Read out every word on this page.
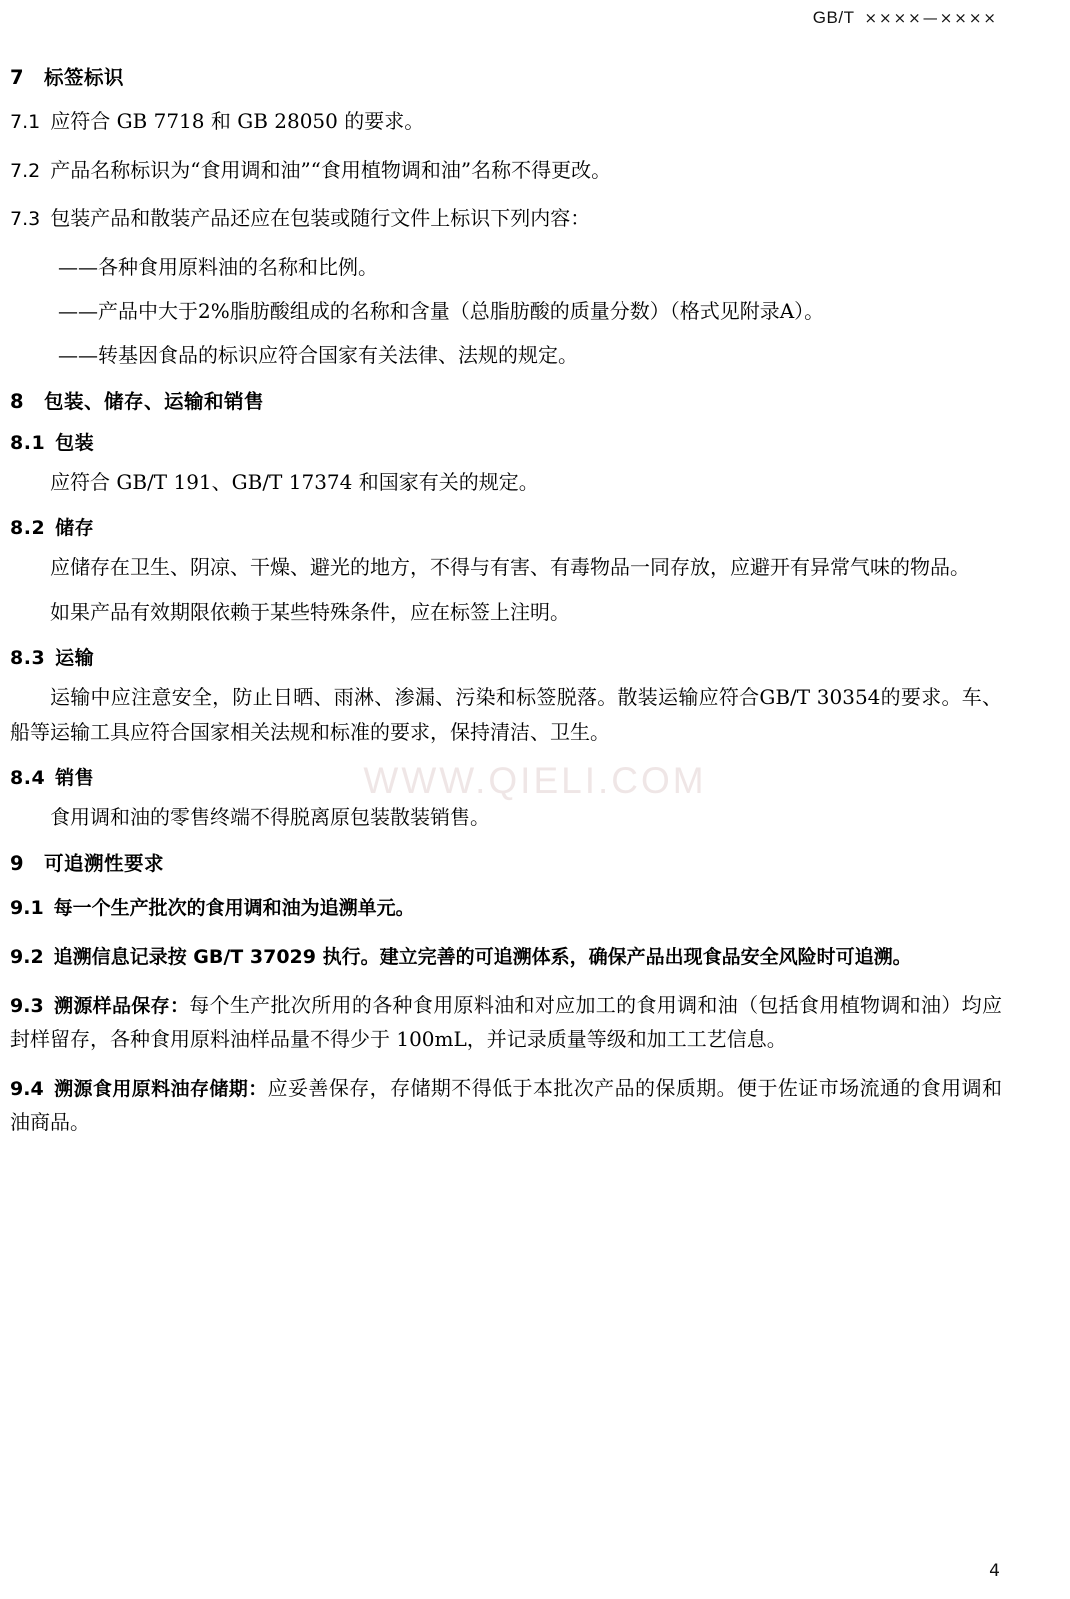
GB/T ××××—××××
WWW.QIELI.COM
7 标签标识
7.1 应符合 GB 7718 和 GB 28050 的要求。
7.2 产品名称标识为“食用调和油”“食用植物调和油”名称不得更改。
7.3 包装产品和散装产品还应在包装或随行文件上标识下列内容：
——各种食用原料油的名称和比例。
——产品中大于2%脂肪酸组成的名称和含量（总脂肪酸的质量分数）（格式见附录A）。
——转基因食品的标识应符合国家有关法律、法规的规定。
8 包装、储存、运输和销售
8.1 包装
应符合 GB/T 191、GB/T 17374 和国家有关的规定。
8.2 储存
应储存在卫生、阴凉、干燥、避光的地方，不得与有害、有毒物品一同存放，应避开有异常气味的物品。
如果产品有效期限依赖于某些特殊条件，应在标签上注明。
8.3 运输
运输中应注意安全，防止日晒、雨淋、渗漏、污染和标签脱落。散装运输应符合GB/T 30354的要求。车、船等运输工具应符合国家相关法规和标准的要求，保持清洁、卫生。
8.4 销售
食用调和油的零售终端不得脱离原包装散装销售。
9 可追溯性要求
9.1 每一个生产批次的食用调和油为追溯单元。
9.2 追溯信息记录按 GB/T 37029 执行。建立完善的可追溯体系，确保产品出现食品安全风险时可追溯。
9.3 溯源样品保存：每个生产批次所用的各种食用原料油和对应加工的食用调和油（包括食用植物调和油）均应封样留存，各种食用原料油样品量不得少于 100mL，并记录质量等级和加工工艺信息。
9.4 溯源食用原料油存储期：应妥善保存，存储期不得低于本批次产品的保质期。便于佐证市场流通的食用调和油商品。
4
